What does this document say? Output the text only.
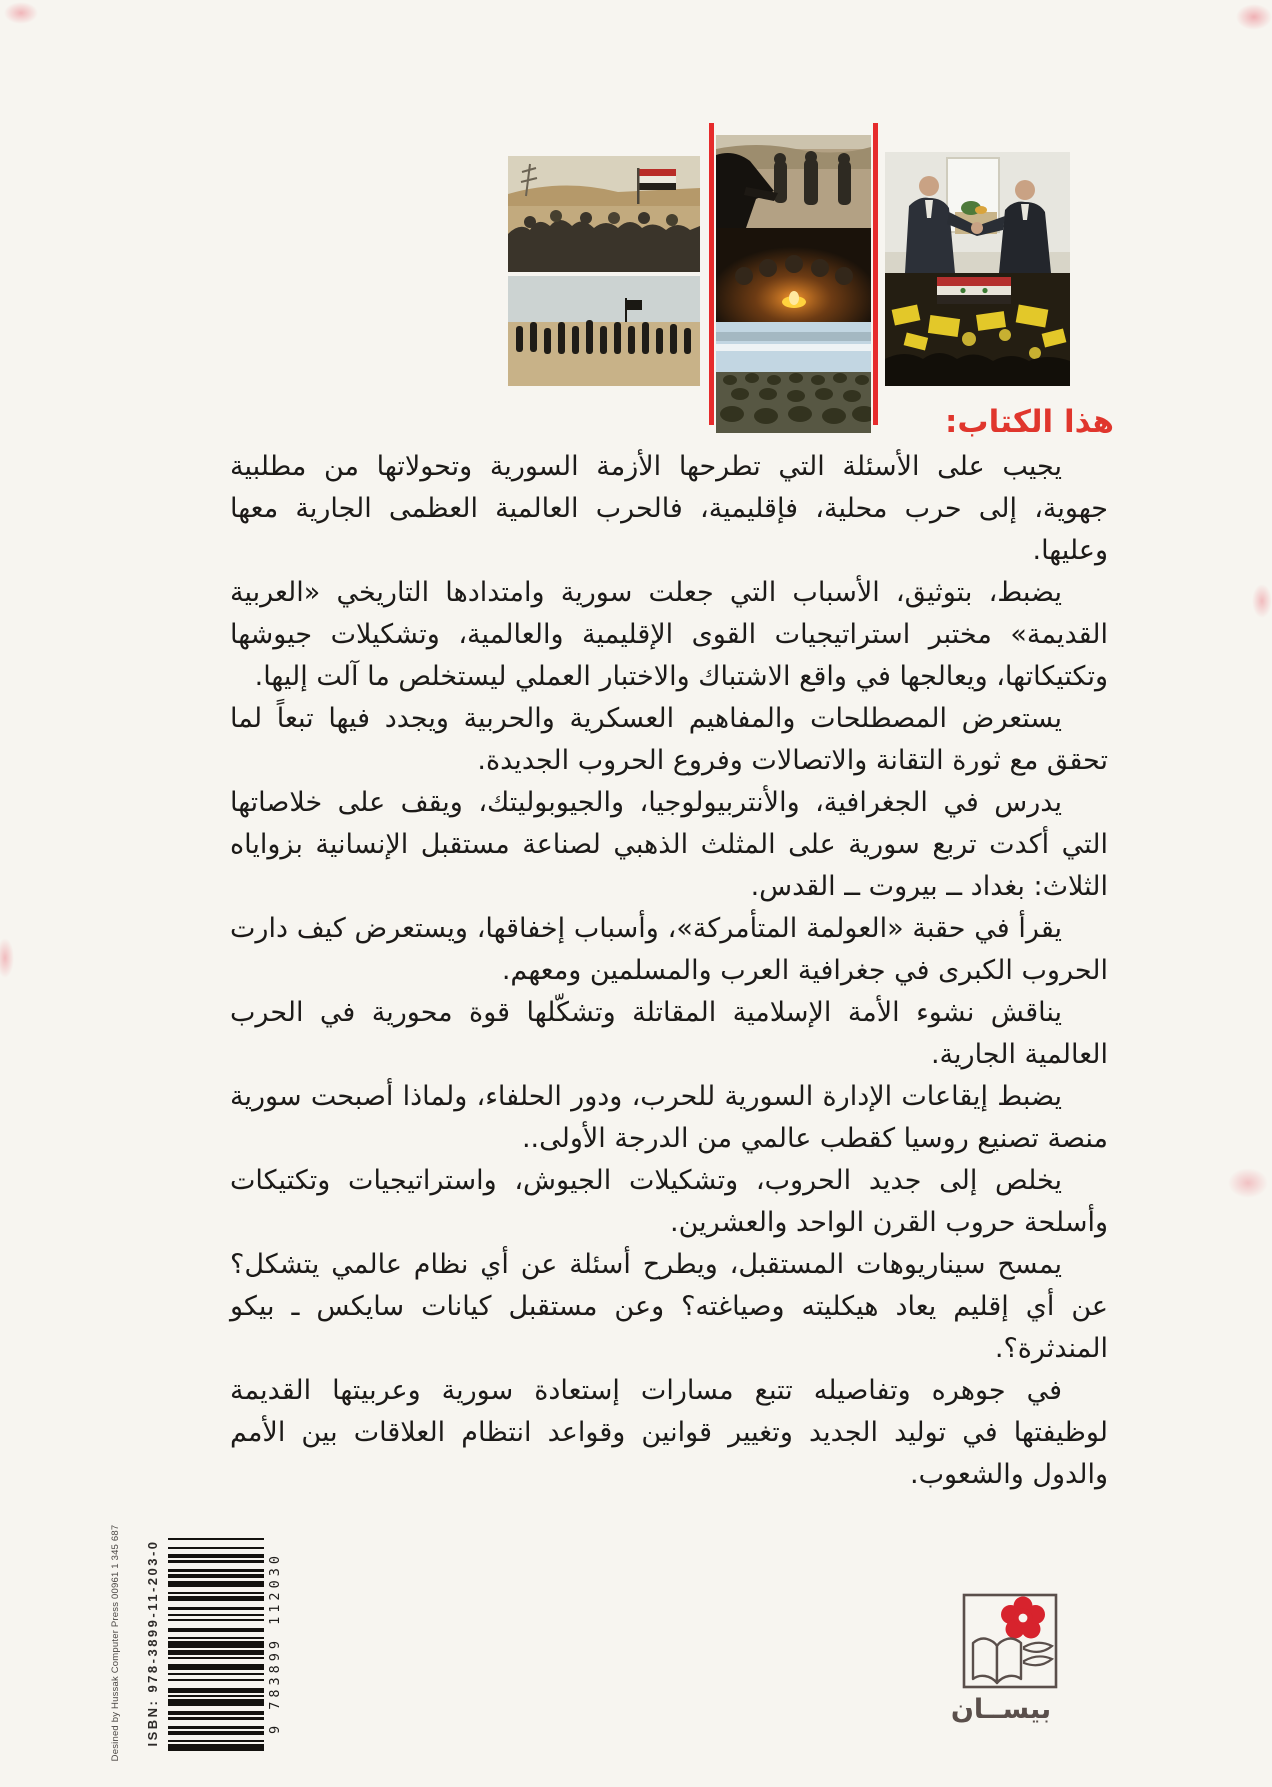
هذا الكتاب:

يجيب على الأسئلة التي تطرحها الأزمة السورية وتحولاتها من مطلبية جهوية، إلى حرب محلية، فإقليمية، فالحرب العالمية العظمى الجارية معها وعليها.

يضبط، بتوثيق، الأسباب التي جعلت سورية وامتدادها التاريخي «العربية القديمة» مختبر استراتيجيات القوى الإقليمية والعالمية، وتشكيلات جيوشها وتكتيكاتها، ويعالجها في واقع الاشتباك والاختبار العملي ليستخلص ما آلت إليها.

يستعرض المصطلحات والمفاهيم العسكرية والحربية ويجدد فيها تبعاً لما تحقق مع ثورة التقانة والاتصالات وفروع الحروب الجديدة.

يدرس في الجغرافية، والأنتربيولوجيا، والجيوبوليتك، ويقف على خلاصاتها التي أكدت تربع سورية على المثلث الذهبي لصناعة مستقبل الإنسانية بزواياه الثلاث: بغداد ــ بيروت ــ القدس.

يقرأ في حقبة «العولمة المتأمركة»، وأسباب إخفاقها، ويستعرض كيف دارت الحروب الكبرى في جغرافية العرب والمسلمين ومعهم.

يناقش نشوء الأمة الإسلامية المقاتلة وتشكّلها قوة محورية في الحرب العالمية الجارية.

يضبط إيقاعات الإدارة السورية للحرب، ودور الحلفاء، ولماذا أصبحت سورية منصة تصنيع روسيا كقطب عالمي من الدرجة الأولى..

يخلص إلى جديد الحروب، وتشكيلات الجيوش، واستراتيجيات وتكتيكات وأسلحة حروب القرن الواحد والعشرين.

يمسح سيناريوهات المستقبل، ويطرح أسئلة عن أي نظام عالمي يتشكل؟ عن أي إقليم يعاد هيكليته وصياغته؟ وعن مستقبل كيانات سايكس ـ بيكو المندثرة؟.

في جوهره وتفاصيله تتبع مسارات إستعادة سورية وعربيتها القديمة لوظيفتها في توليد الجديد وتغيير قوانين وقواعد انتظام العلاقات بين الأمم والدول والشعوب.

Desined by Hussak Computer Press 00961 1 345 687 ISBN: 978-3899-11-203-0	9 783899 112030	بيســان
